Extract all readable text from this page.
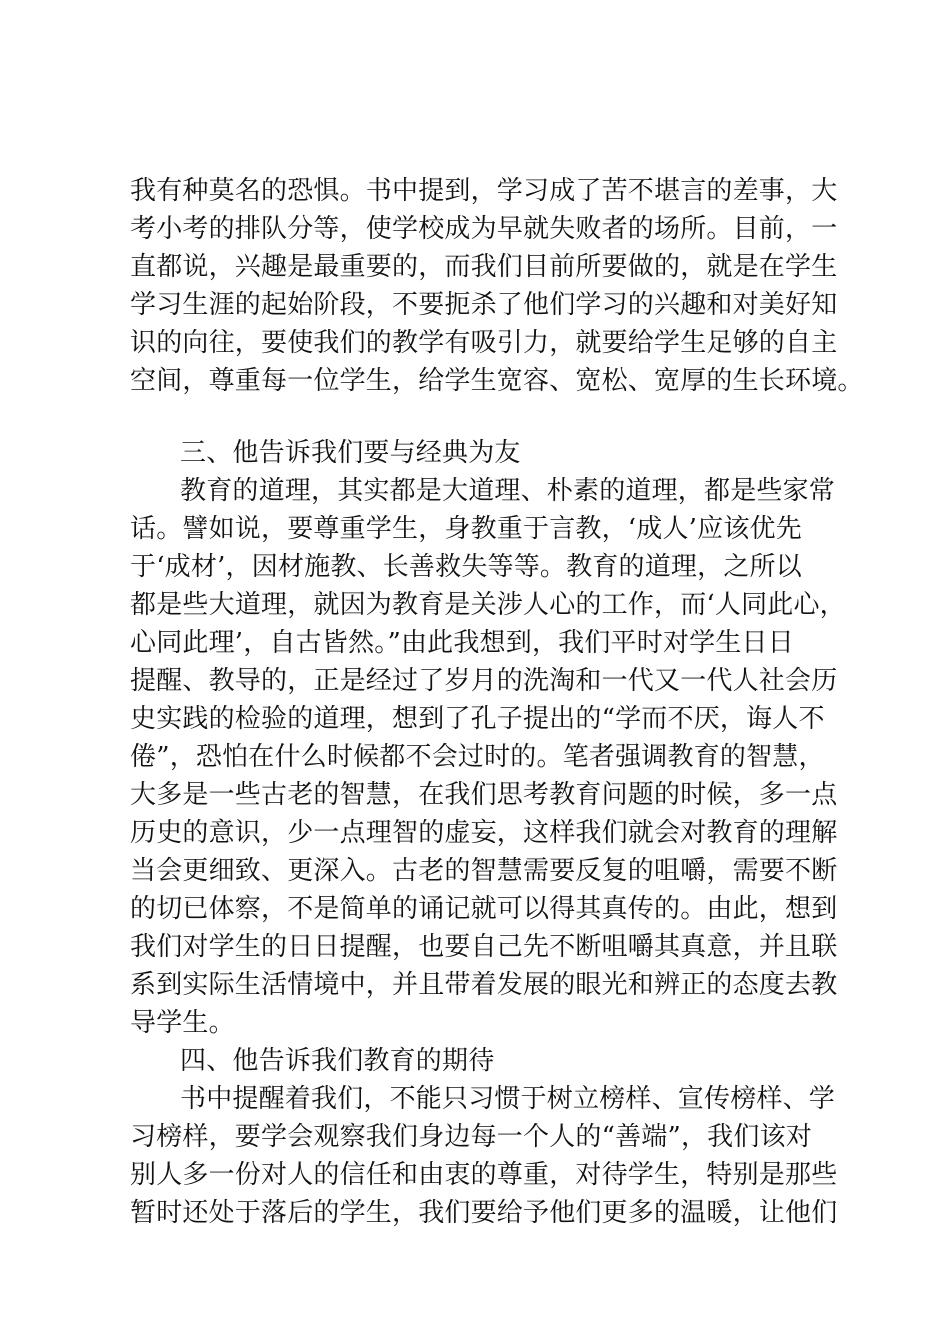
我有种莫名的恐惧。书中提到，学习成了苦不堪言的差事，大
考小考的排队分等，使学校成为早就失败者的场所。目前，一
直都说，兴趣是最重要的，而我们目前所要做的，就是在学生
学习生涯的起始阶段，不要扼杀了他们学习的兴趣和对美好知
识的向往，要使我们的教学有吸引力，就要给学生足够的自主
空间，尊重每一位学生，给学生宽容、宽松、宽厚的生长环境。
三、他告诉我们要与经典为友
教育的道理，其实都是大道理、朴素的道理，都是些家常
话。譬如说，要尊重学生，身教重于言教，‘成人’应该优先
于‘成材’，因材施教、长善救失等等。教育的道理，之所以
都是些大道理，就因为教育是关涉人心的工作，而‘人同此心，
心同此理’，自古皆然。”由此我想到，我们平时对学生日日
提醒、教导的，正是经过了岁月的洗淘和一代又一代人社会历
史实践的检验的道理，想到了孔子提出的“学而不厌，诲人不
倦”，恐怕在什么时候都不会过时的。笔者强调教育的智慧，
大多是一些古老的智慧，在我们思考教育问题的时候，多一点
历史的意识，少一点理智的虚妄，这样我们就会对教育的理解
当会更细致、更深入。古老的智慧需要反复的咀嚼，需要不断
的切已体察，不是简单的诵记就可以得其真传的。由此，想到
我们对学生的日日提醒，也要自己先不断咀嚼其真意，并且联
系到实际生活情境中，并且带着发展的眼光和辨正的态度去教
导学生。
四、他告诉我们教育的期待
书中提醒着我们，不能只习惯于树立榜样、宣传榜样、学
习榜样，要学会观察我们身边每一个人的“善端”，我们该对
别人多一份对人的信任和由衷的尊重，对待学生，特别是那些
暂时还处于落后的学生，我们要给予他们更多的温暖，让他们
